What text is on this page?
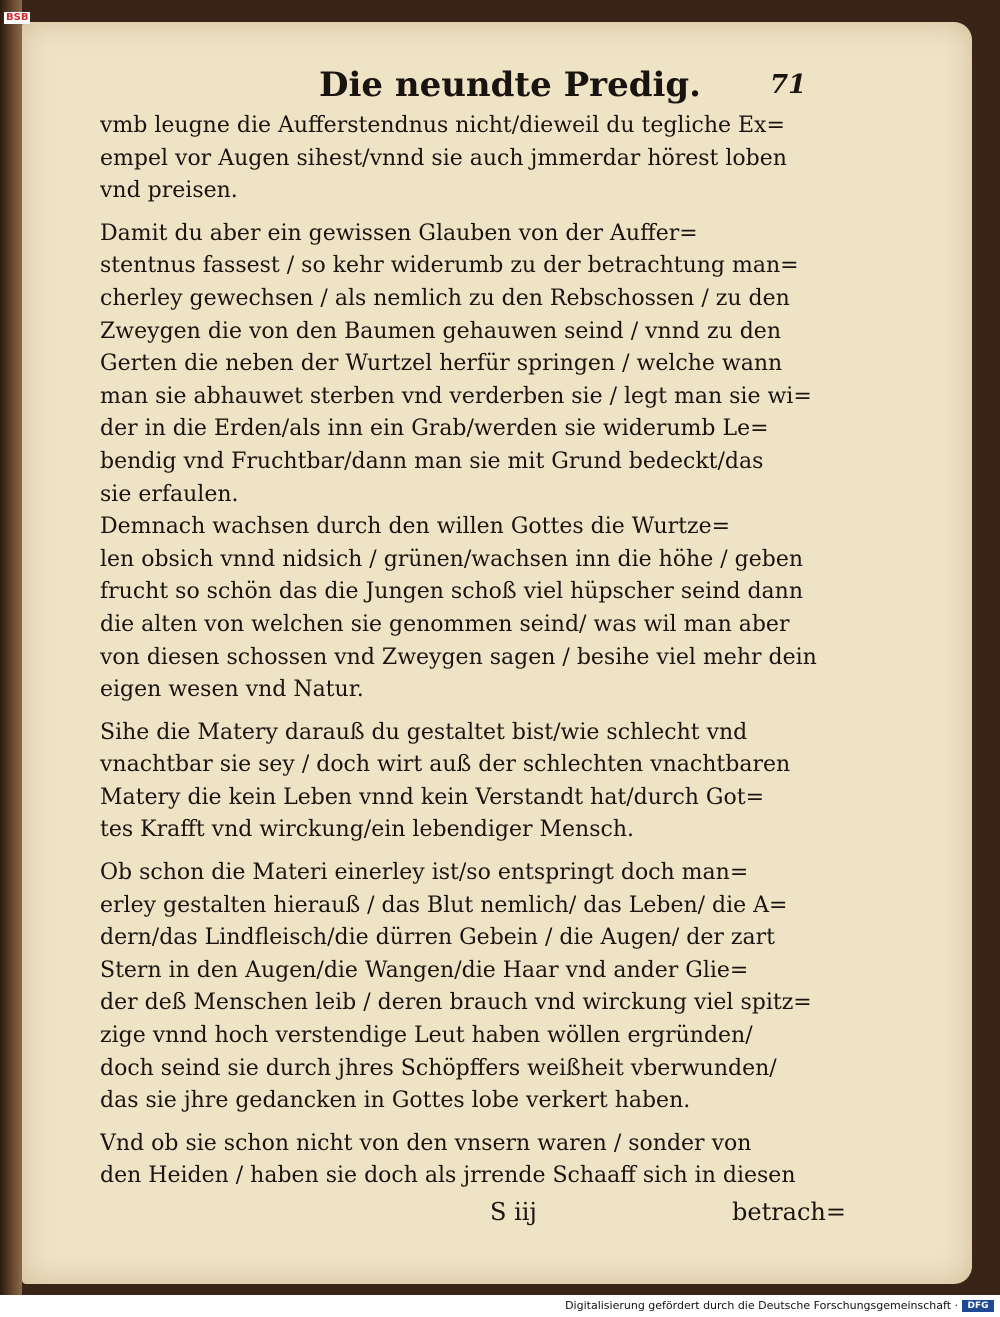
BSB
Die neundte Predig.	71
vmb leugne die Aufferstendnus nicht/dieweil du tegliche Ex=
empel vor Augen sihest/vnnd sie auch jmmerdar hörest loben
vnd preisen.
Damit du aber ein gewissen Glauben von der Auffer=
stentnus fassest / so kehr widerumb zu der betrachtung man=
cherley gewechsen / als nemlich zu den Rebschossen / zu den
Zweygen die von den Baumen gehauwen seind / vnnd zu den
Gerten die neben der Wurtzel herfür springen / welche wann
man sie abhauwet sterben vnd verderben sie / legt man sie wi=
der in die Erden/als inn ein Grab/werden sie widerumb Le=
bendig vnd Fruchtbar/dann man sie mit Grund bedeckt/das
sie erfaulen.
Demnach wachsen durch den willen Gottes die Wurtze=
len obsich vnnd nidsich / grünen/wachsen inn die höhe / geben
frucht so schön das die Jungen schoß viel hüpscher seind dann
die alten von welchen sie genommen seind/ was wil man aber
von diesen schossen vnd Zweygen sagen / besihe viel mehr dein
eigen wesen vnd Natur.
Sihe die Matery darauß du gestaltet bist/wie schlecht vnd
vnachtbar sie sey / doch wirt auß der schlechten vnachtbaren
Matery die kein Leben vnnd kein Verstandt hat/durch Got=
tes Krafft vnd wirckung/ein lebendiger Mensch.
Ob schon die Materi einerley ist/so entspringt doch man=
erley gestalten hierauß / das Blut nemlich/ das Leben/ die A=
dern/das Lindfleisch/die dürren Gebein / die Augen/ der zart
Stern in den Augen/die Wangen/die Haar vnd ander Glie=
der deß Menschen leib / deren brauch vnd wirckung viel spitz=
zige vnnd hoch verstendige Leut haben wöllen ergründen/
doch seind sie durch jhres Schöpffers weißheit vberwunden/
das sie jhre gedancken in Gottes lobe verkert haben.
Vnd ob sie schon nicht von den vnsern waren / sonder von
den Heiden / haben sie doch als jrrende Schaaff sich in diesen
S iij	betrach=
Digitalisierung gefördert durch die Deutsche Forschungsgemeinschaft ·	DFG
